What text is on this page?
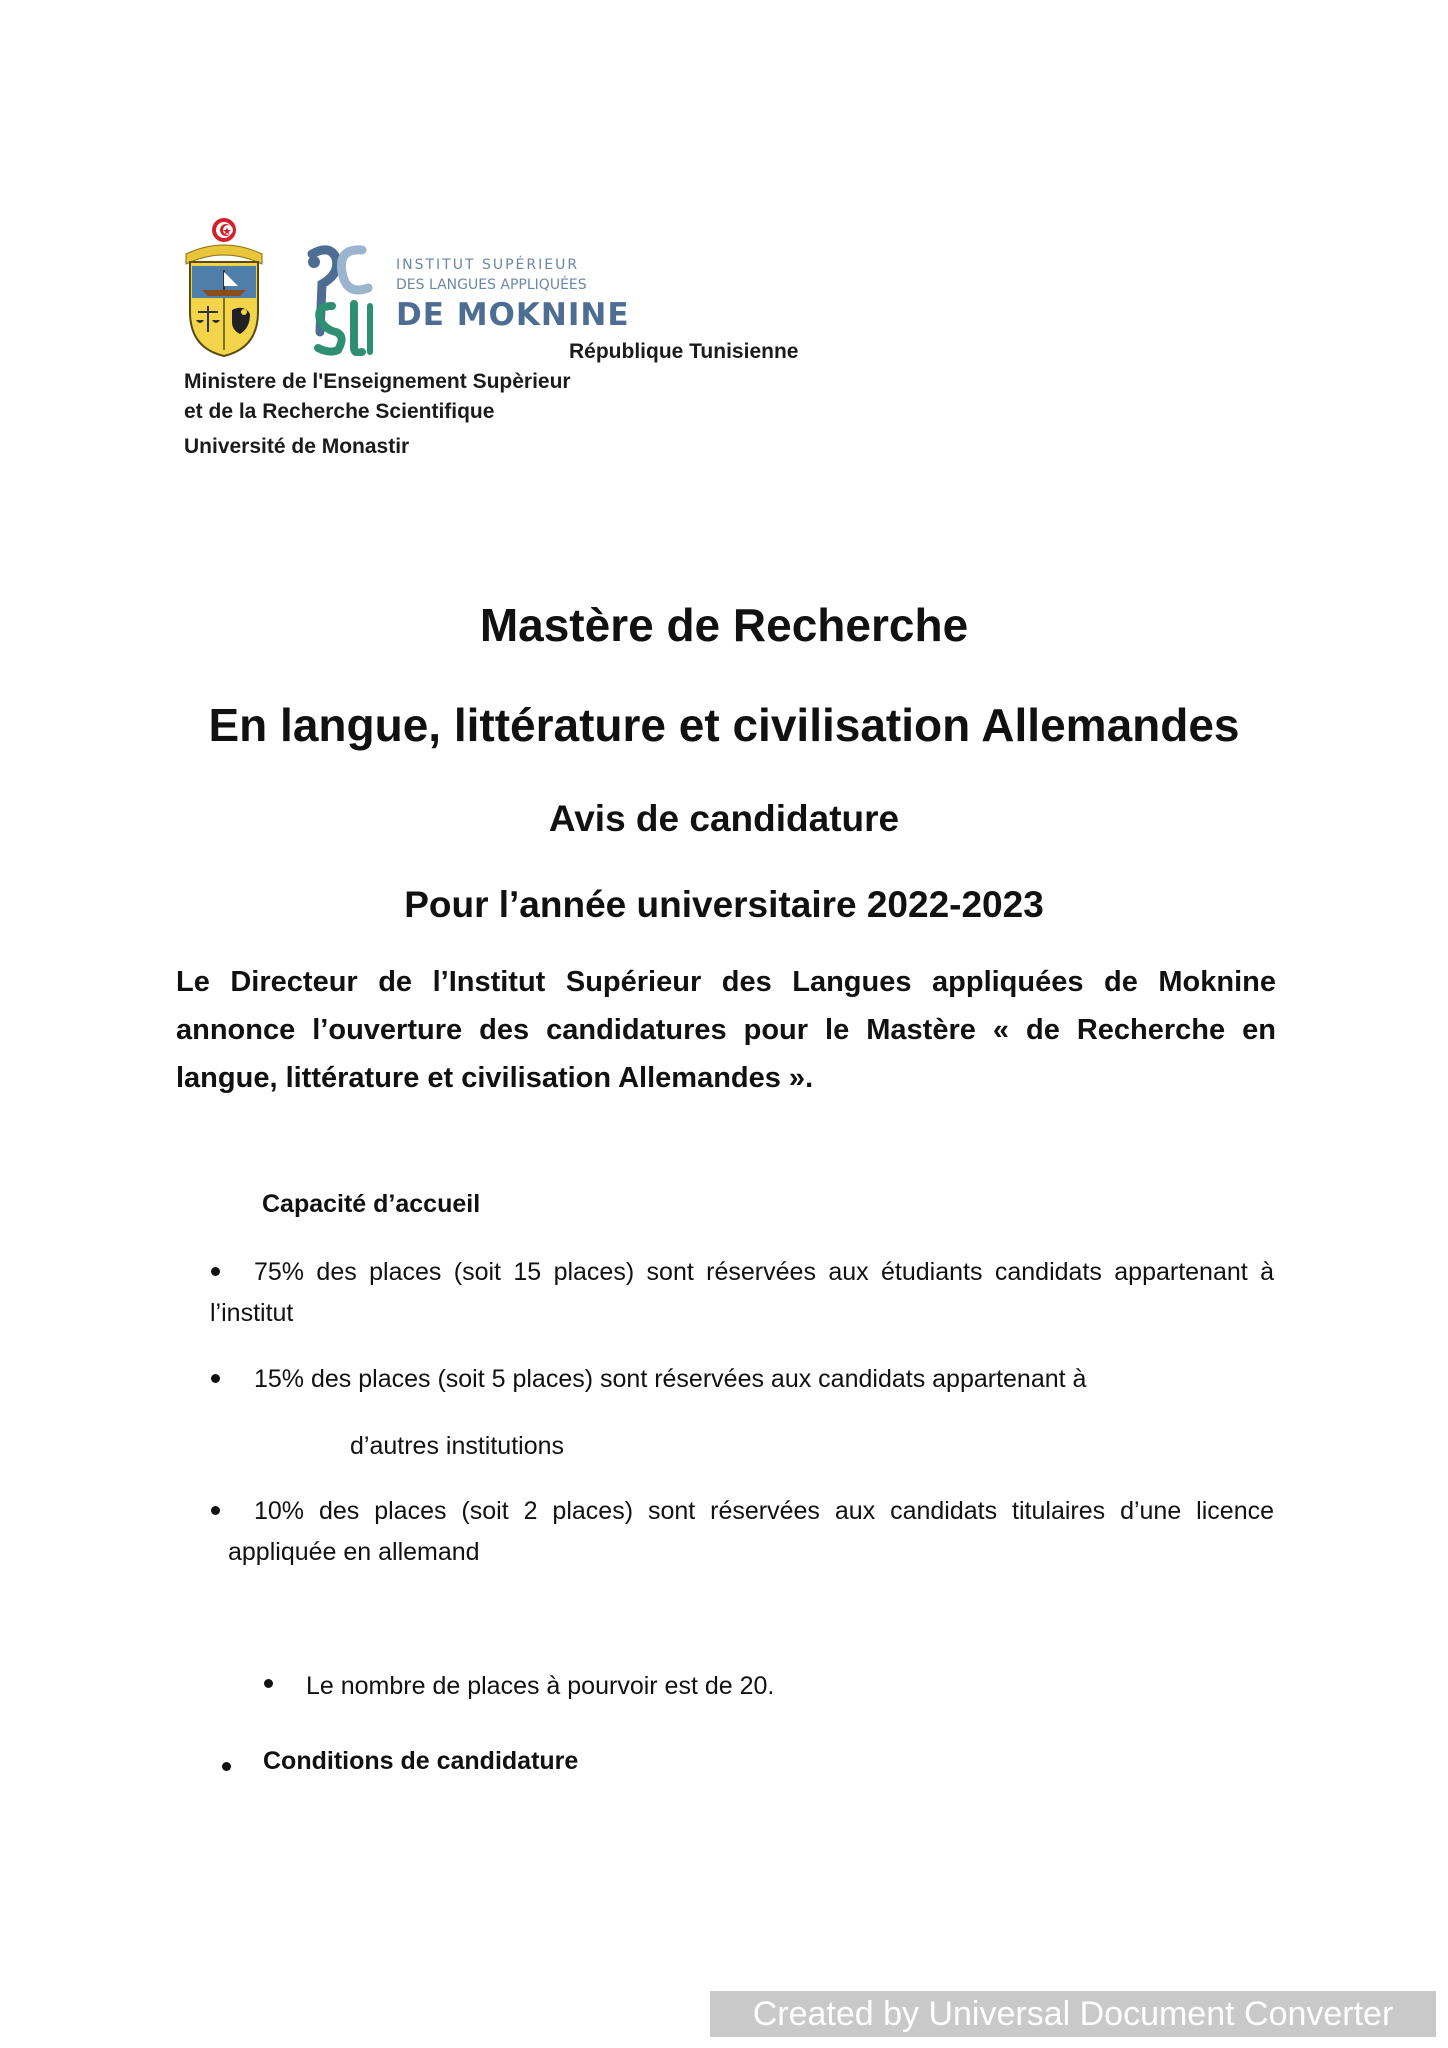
INSTITUT SUPÉRIEUR
DES LANGUES APPLIQUÉES
DE MOKNINE
République Tunisienne
Ministere de l'Enseignement Supèrieur
et de la Recherche Scientifique
Université de Monastir
Mastère de Recherche
En langue, littérature et civilisation Allemandes
Avis de candidature
Pour l’année universitaire 2022-2023
Le Directeur de l’Institut Supérieur des Langues appliquées de Moknine annonce l’ouverture des candidatures pour le Mastère « de Recherche en langue, littérature et civilisation Allemandes ».
Capacité d’accueil
75% des places (soit 15 places) sont réservées aux étudiants candidats appartenant à l’institut
15% des places (soit 5 places) sont réservées aux candidats appartenant à
d’autres institutions
10% des places (soit 2 places) sont réservées aux candidats titulaires d’une licence appliquée en allemand
Le nombre de places à pourvoir est de 20.
Conditions de candidature
Created by Universal Document Converter
